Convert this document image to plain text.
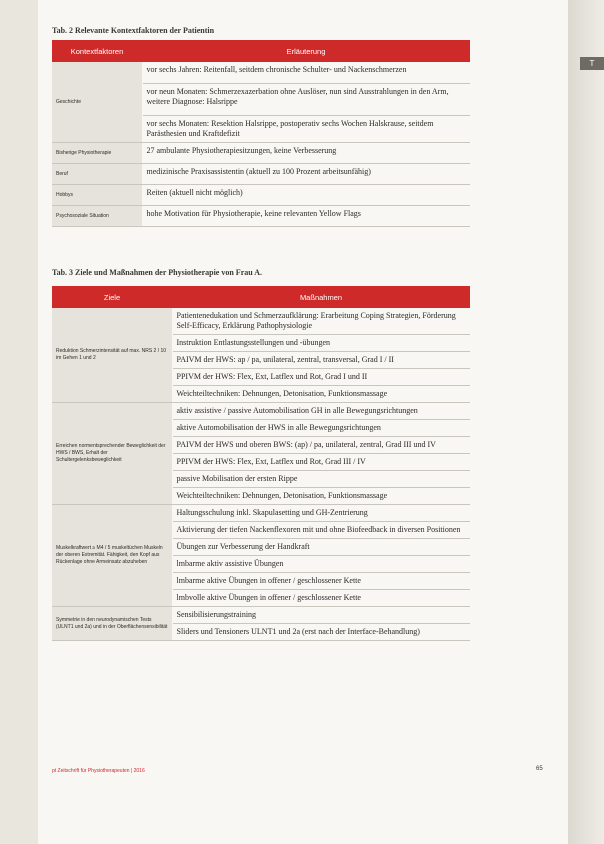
T
Tab. 2 Relevante Kontextfaktoren der Patientin
Kontextfaktoren	Erläuterung
Geschichte	vor sechs Jahren: Reitenfall, seitdem chronische Schulter- und Nackenschmerzen
	vor neun Monaten: Schmerzexazerbation ohne Auslöser, nun sind Ausstrahlungen in den Arm, weitere Diagnose: Halsrippe
	vor sechs Monaten: Resektion Halsrippe, postoperativ sechs Wochen Halskrause, seitdem Parästhesien und Kraftdefizit
Bisherige Physiotherapie	27 ambulante Physiotherapiesitzungen, keine Verbesserung
Beruf	medizinische Praxisassistentin (aktuell zu 100 Prozent arbeitsunfähig)
Hobbys	Reiten (aktuell nicht möglich)
Psychosoziale Situation	hohe Motivation für Physiotherapie, keine relevanten Yellow Flags
Tab. 3 Ziele und Maßnahmen der Physiotherapie von Frau A.
Ziele	Maßnahmen
Reduktion Schmerzintensität auf max. NRS 2 / 10 im Gehen 1 und 2	Patientenedukation und Schmerzaufklärung: Erarbeitung Coping Strategien, Förderung Self-Efficacy, Erklärung Pathophysiologie
	Instruktion Entlastungsstellungen und -übungen
	PAIVM der HWS: ap / pa, unilateral, zentral, transversal, Grad I / II
	PPIVM der HWS: Flex, Ext, Latflex und Rot, Grad I und II
	Weichteiltechniken: Dehnungen, Detonisation, Funktionsmassage
Erreichen normentsprechender Beweglichkeit der HWS / BWS, Erhalt der Schultergelenksbeweglichkeit	aktiv assistive / passive Automobilisation GH in alle Bewegungsrichtungen
	aktive Automobilisation der HWS in alle Bewegungsrichtungen
	PAIVM der HWS und oberen BWS: (ap) / pa, unilateral, zentral, Grad III und IV
	PPIVM der HWS: Flex, Ext, Latflex und Rot, Grad III / IV
	passive Mobilisation der ersten Rippe
	Weichteiltechniken: Dehnungen, Detonisation, Funktionsmassage
Muskelkraftwert ≥ M4 / 5 muskeltüchen Muskeln der oberen Extremität. Fähigkeit, den Kopf aus Rückenlage ohne Armeinsatz abzuheben	Haltungsschulung inkl. Skapulasetting und GH-Zentrierung
	Aktivierung der tiefen Nackenflexoren mit und ohne Biofeedback in diversen Positionen
	Übungen zur Verbesserung der Handkraft
	lmbarme aktiv assistive Übungen
	lmbarme aktive Übungen in offener / geschlossener Kette
	lmbvolle aktive Übungen in offener / geschlossener Kette
Symmetrie in den neurodynamischen Tests (ULNT1 und 2a) und in der Oberflächensensibilität	Sensibilisierungstraining
	Sliders und Tensioners ULNT1 und 2a (erst nach der Interface-Behandlung)
pt Zeitschrift für Physiotherapeuten | 2016	65
